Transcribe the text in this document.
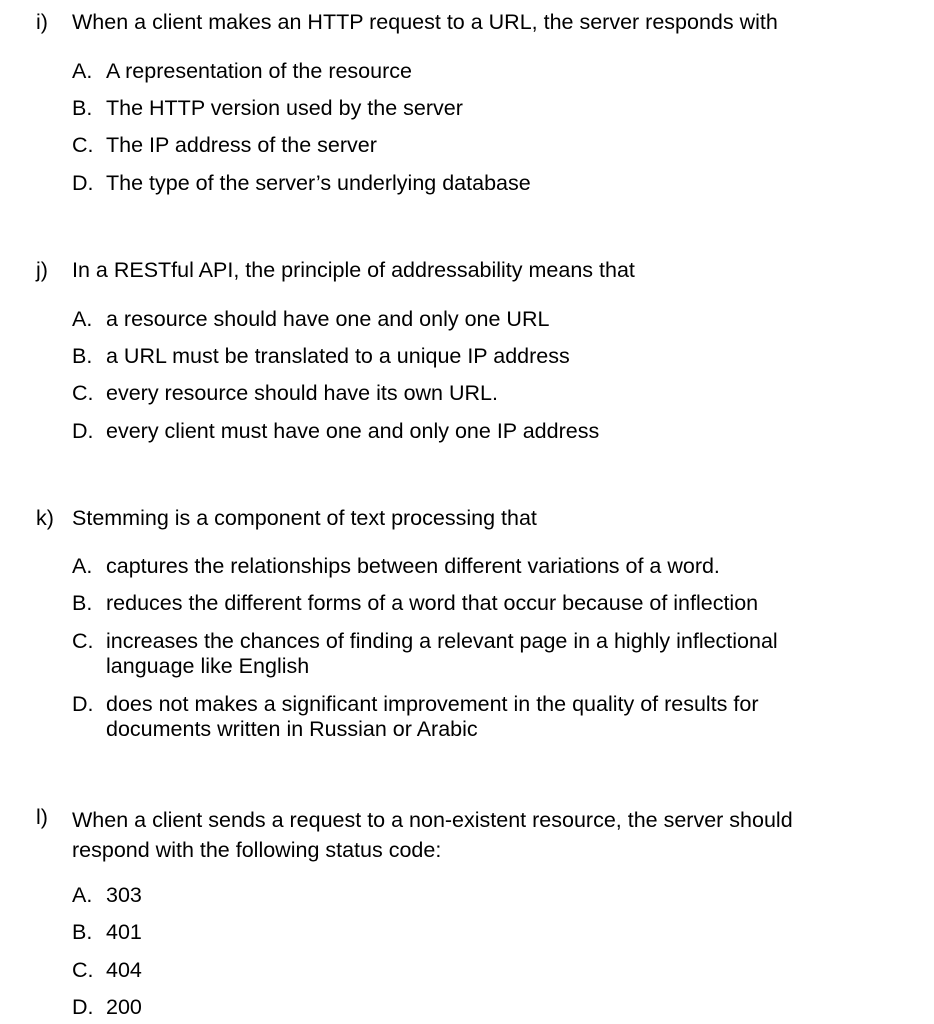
i) When a client makes an HTTP request to a URL, the server responds with
A. A representation of the resource
B. The HTTP version used by the server
C. The IP address of the server
D. The type of the server’s underlying database
j) In a RESTful API, the principle of addressability means that
A. a resource should have one and only one URL
B. a URL must be translated to a unique IP address
C. every resource should have its own URL.
D. every client must have one and only one IP address
k) Stemming is a component of text processing that
A. captures the relationships between different variations of a word.
B. reduces the different forms of a word that occur because of inflection
C. increases the chances of finding a relevant page in a highly inflectional language like English
D. does not makes a significant improvement in the quality of results for documents written in Russian or Arabic
l) When a client sends a request to a non-existent resource, the server should respond with the following status code:
A. 303
B. 401
C. 404
D. 200
